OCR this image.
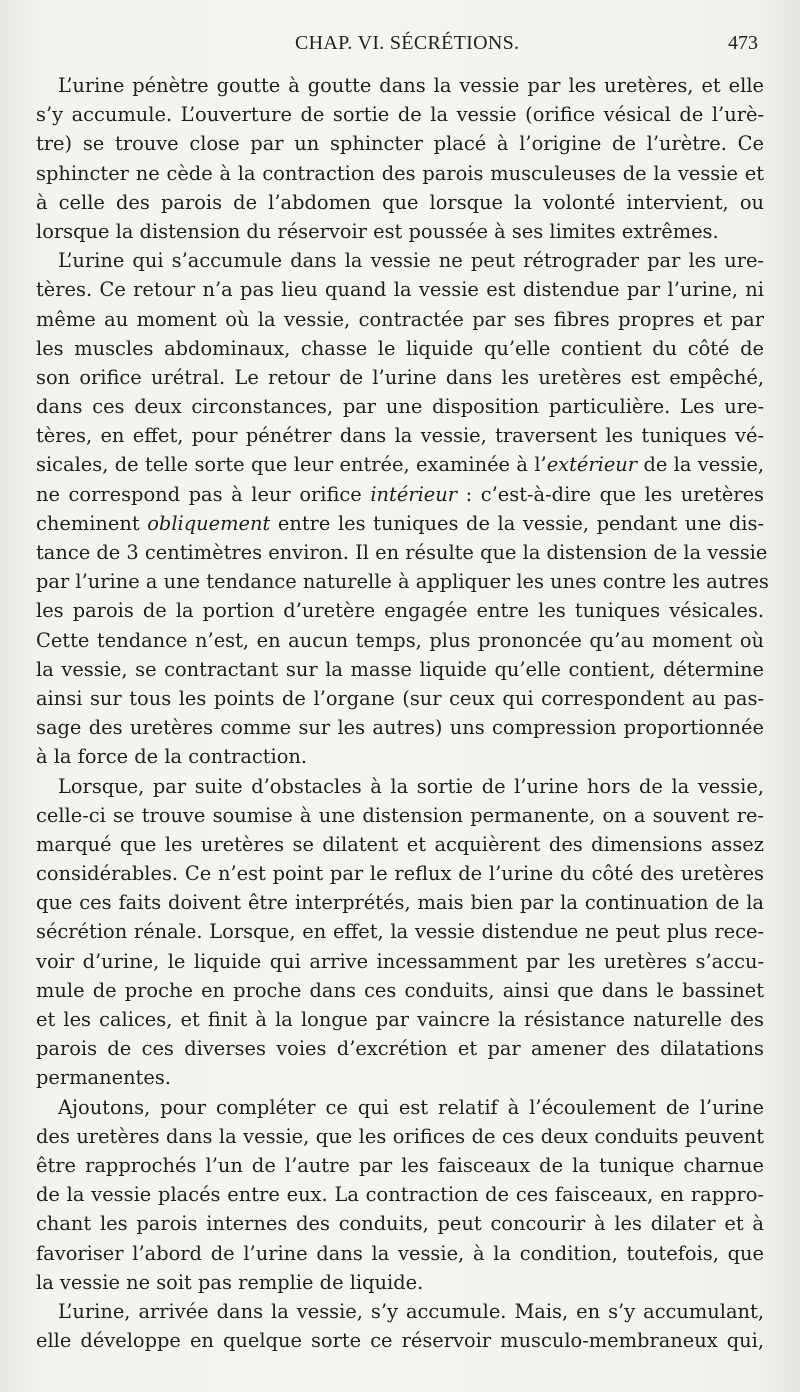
CHAP. VI. SÉCRÉTIONS.	473
L’urine pénètre goutte à goutte dans la vessie par les uretères, et elle
s’y accumule. L’ouverture de sortie de la vessie (orifice vésical de l’urè-
tre) se trouve close par un sphincter placé à l’origine de l’urètre. Ce
sphincter ne cède à la contraction des parois musculeuses de la vessie et
à celle des parois de l’abdomen que lorsque la volonté intervient, ou
lorsque la distension du réservoir est poussée à ses limites extrêmes.
L’urine qui s’accumule dans la vessie ne peut rétrograder par les ure-
tères. Ce retour n’a pas lieu quand la vessie est distendue par l’urine, ni
même au moment où la vessie, contractée par ses fibres propres et par
les muscles abdominaux, chasse le liquide qu’elle contient du côté de
son orifice urétral. Le retour de l’urine dans les uretères est empêché,
dans ces deux circonstances, par une disposition particulière. Les ure-
tères, en effet, pour pénétrer dans la vessie, traversent les tuniques vé-
sicales, de telle sorte que leur entrée, examinée à l’extérieur de la vessie,
ne correspond pas à leur orifice intérieur : c’est-à-dire que les uretères
cheminent obliquement entre les tuniques de la vessie, pendant une dis-
tance de 3 centimètres environ. Il en résulte que la distension de la vessie
par l’urine a une tendance naturelle à appliquer les unes contre les autres
les parois de la portion d’uretère engagée entre les tuniques vésicales.
Cette tendance n’est, en aucun temps, plus prononcée qu’au moment où
la vessie, se contractant sur la masse liquide qu’elle contient, détermine
ainsi sur tous les points de l’organe (sur ceux qui correspondent au pas-
sage des uretères comme sur les autres) uns compression proportionnée
à la force de la contraction.
Lorsque, par suite d’obstacles à la sortie de l’urine hors de la vessie,
celle-ci se trouve soumise à une distension permanente, on a souvent re-
marqué que les uretères se dilatent et acquièrent des dimensions assez
considérables. Ce n’est point par le reflux de l’urine du côté des uretères
que ces faits doivent être interprétés, mais bien par la continuation de la
sécrétion rénale. Lorsque, en effet, la vessie distendue ne peut plus rece-
voir d’urine, le liquide qui arrive incessamment par les uretères s’accu-
mule de proche en proche dans ces conduits, ainsi que dans le bassinet
et les calices, et finit à la longue par vaincre la résistance naturelle des
parois de ces diverses voies d’excrétion et par amener des dilatations
permanentes.
Ajoutons, pour compléter ce qui est relatif à l’écoulement de l’urine
des uretères dans la vessie, que les orifices de ces deux conduits peuvent
être rapprochés l’un de l’autre par les faisceaux de la tunique charnue
de la vessie placés entre eux. La contraction de ces faisceaux, en rappro-
chant les parois internes des conduits, peut concourir à les dilater et à
favoriser l’abord de l’urine dans la vessie, à la condition, toutefois, que
la vessie ne soit pas remplie de liquide.
L’urine, arrivée dans la vessie, s’y accumule. Mais, en s’y accumulant,
elle développe en quelque sorte ce réservoir musculo-membraneux qui,
